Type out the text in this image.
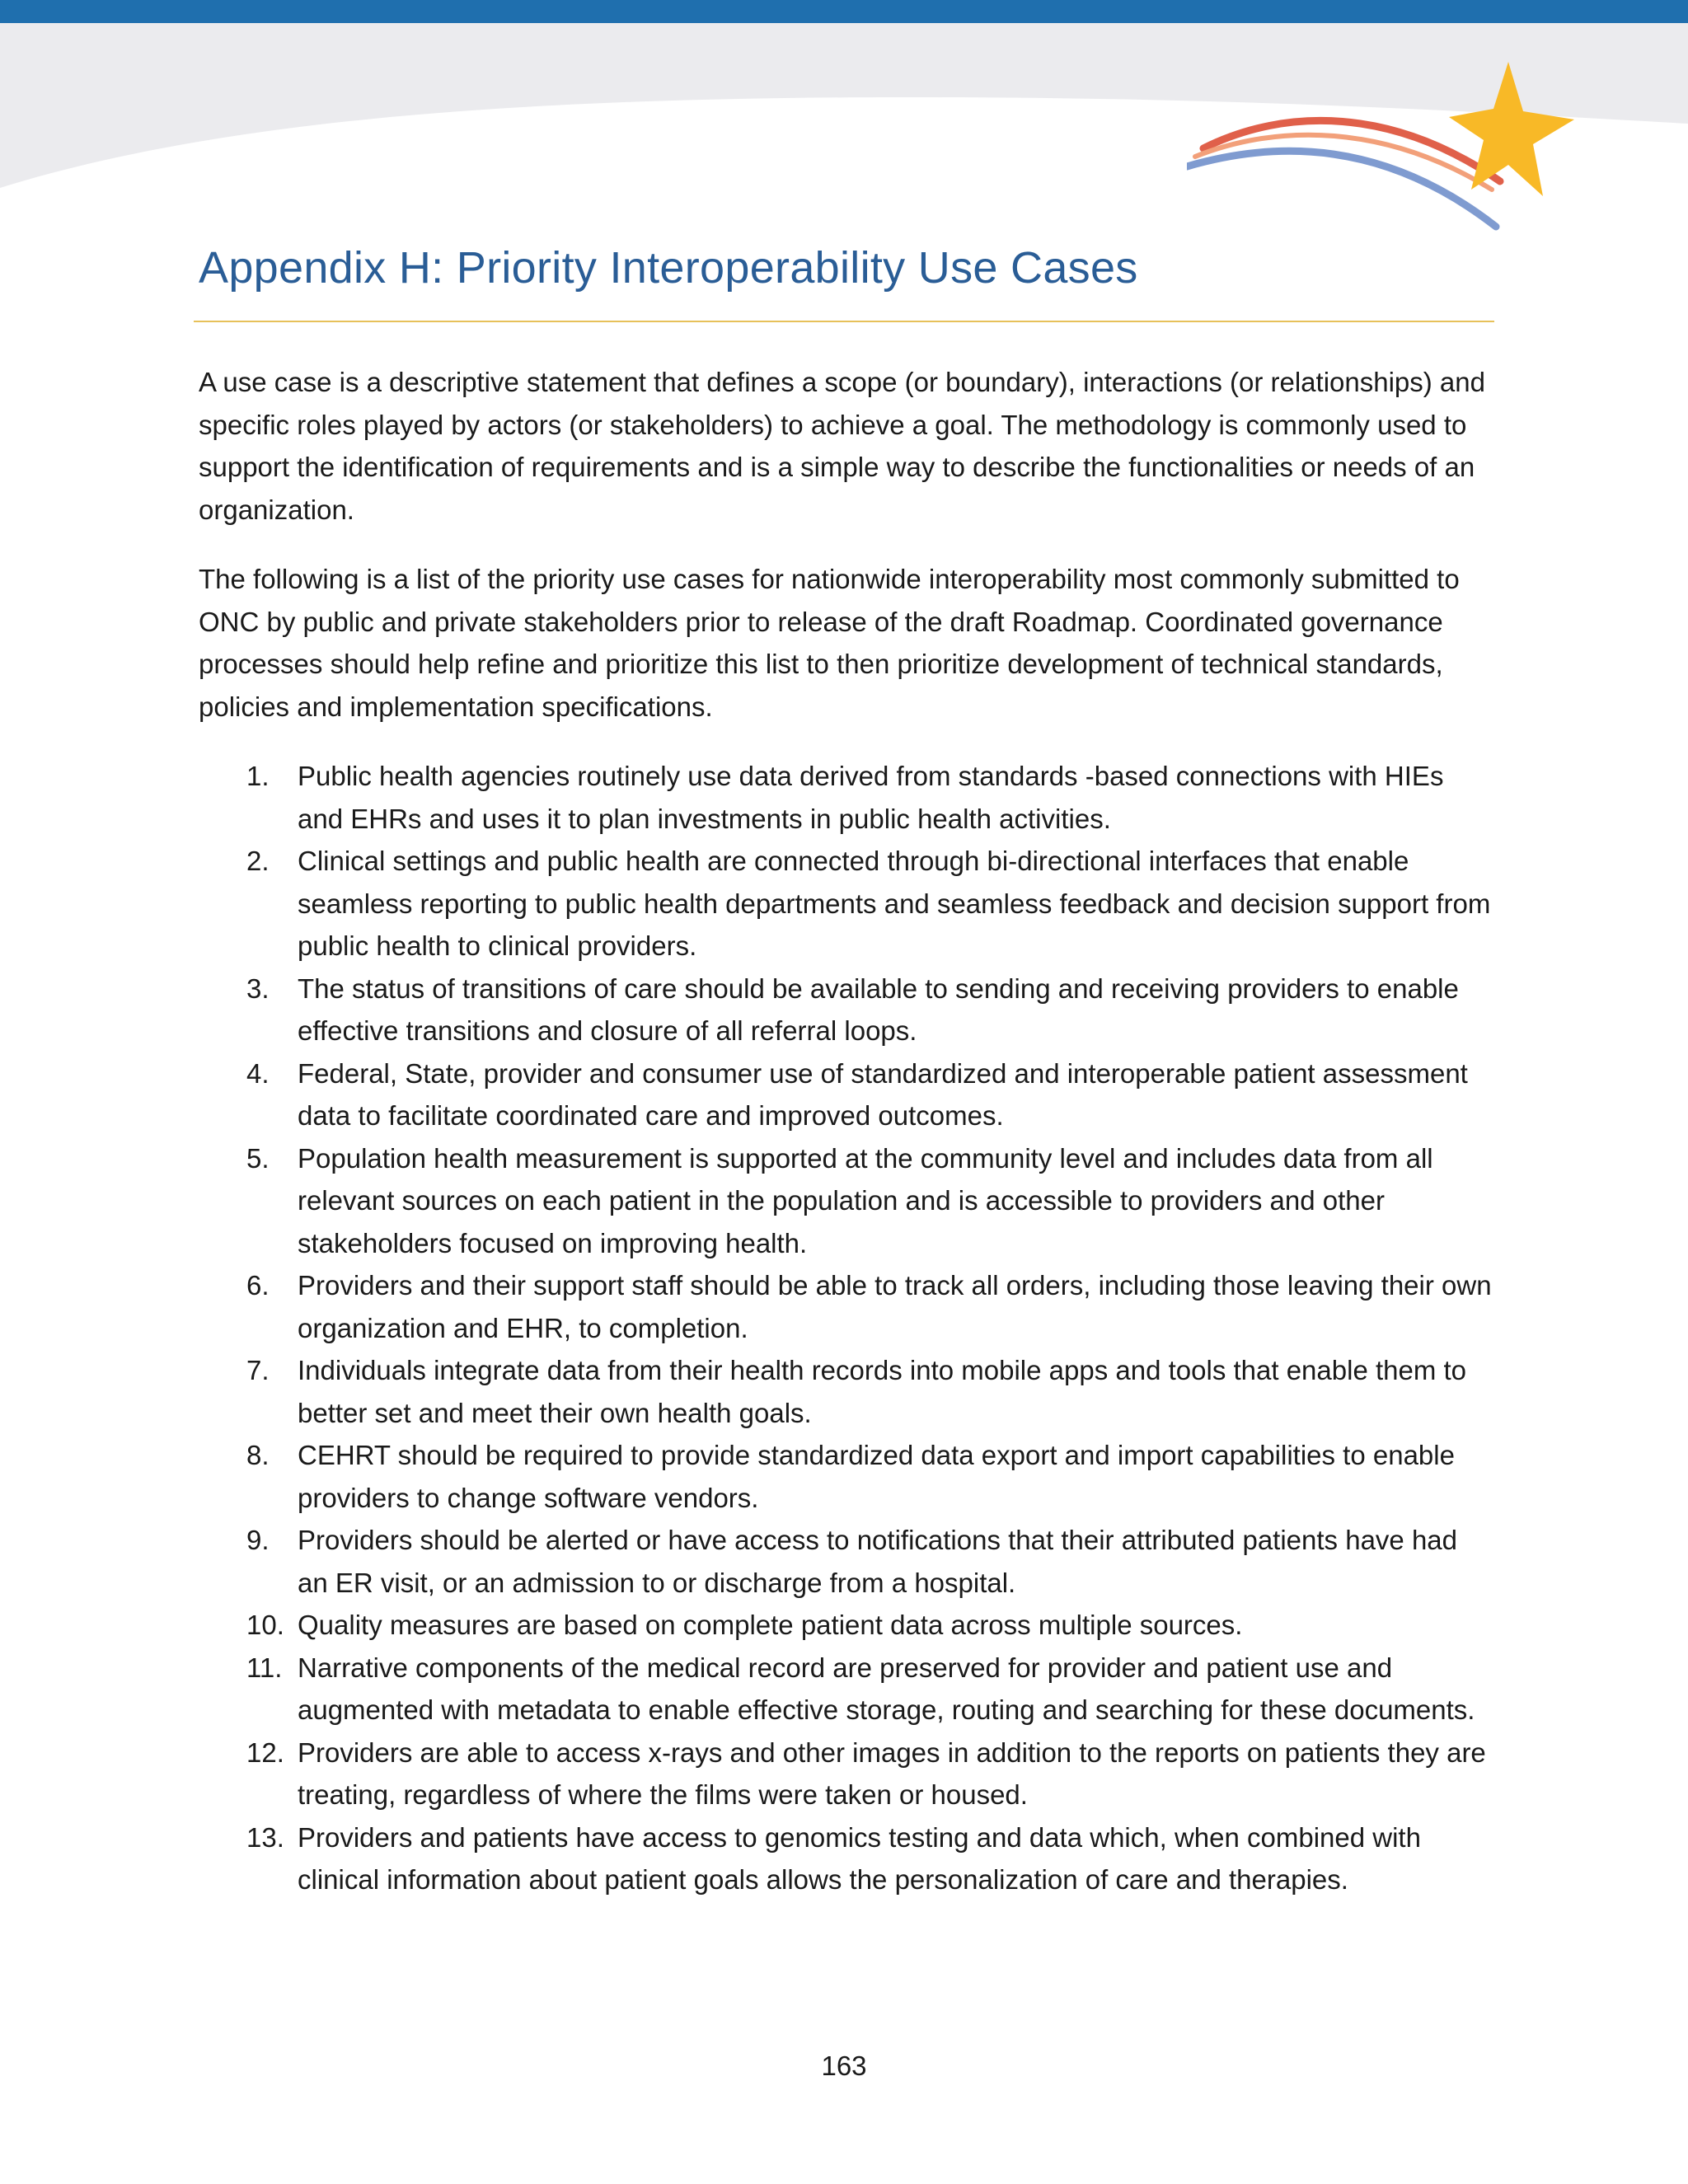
Appendix H: Priority Interoperability Use Cases

A use case is a descriptive statement that defines a scope (or boundary), interactions (or relationships) and specific roles played by actors (or stakeholders) to achieve a goal. The methodology is commonly used to support the identification of requirements and is a simple way to describe the functionalities or needs of an organization.

The following is a list of the priority use cases for nationwide interoperability most commonly submitted to ONC by public and private stakeholders prior to release of the draft Roadmap. Coordinated governance processes should help refine and prioritize this list to then prioritize development of technical standards, policies and implementation specifications.

1. Public health agencies routinely use data derived from standards -based connections with HIEs and EHRs and uses it to plan investments in public health activities.
2. Clinical settings and public health are connected through bi-directional interfaces that enable seamless reporting to public health departments and seamless feedback and decision support from public health to clinical providers.
3. The status of transitions of care should be available to sending and receiving providers to enable effective transitions and closure of all referral loops.
4. Federal, State, provider and consumer use of standardized and interoperable patient assessment data to facilitate coordinated care and improved outcomes.
5. Population health measurement is supported at the community level and includes data from all relevant sources on each patient in the population and is accessible to providers and other stakeholders focused on improving health.
6. Providers and their support staff should be able to track all orders, including those leaving their own organization and EHR, to completion.
7. Individuals integrate data from their health records into mobile apps and tools that enable them to better set and meet their own health goals.
8. CEHRT should be required to provide standardized data export and import capabilities to enable providers to change software vendors.
9. Providers should be alerted or have access to notifications that their attributed patients have had an ER visit, or an admission to or discharge from a hospital.
10. Quality measures are based on complete patient data across multiple sources.
11. Narrative components of the medical record are preserved for provider and patient use and augmented with metadata to enable effective storage, routing and searching for these documents.
12. Providers are able to access x-rays and other images in addition to the reports on patients they are treating, regardless of where the films were taken or housed.
13. Providers and patients have access to genomics testing and data which, when combined with clinical information about patient goals allows the personalization of care and therapies.
163
